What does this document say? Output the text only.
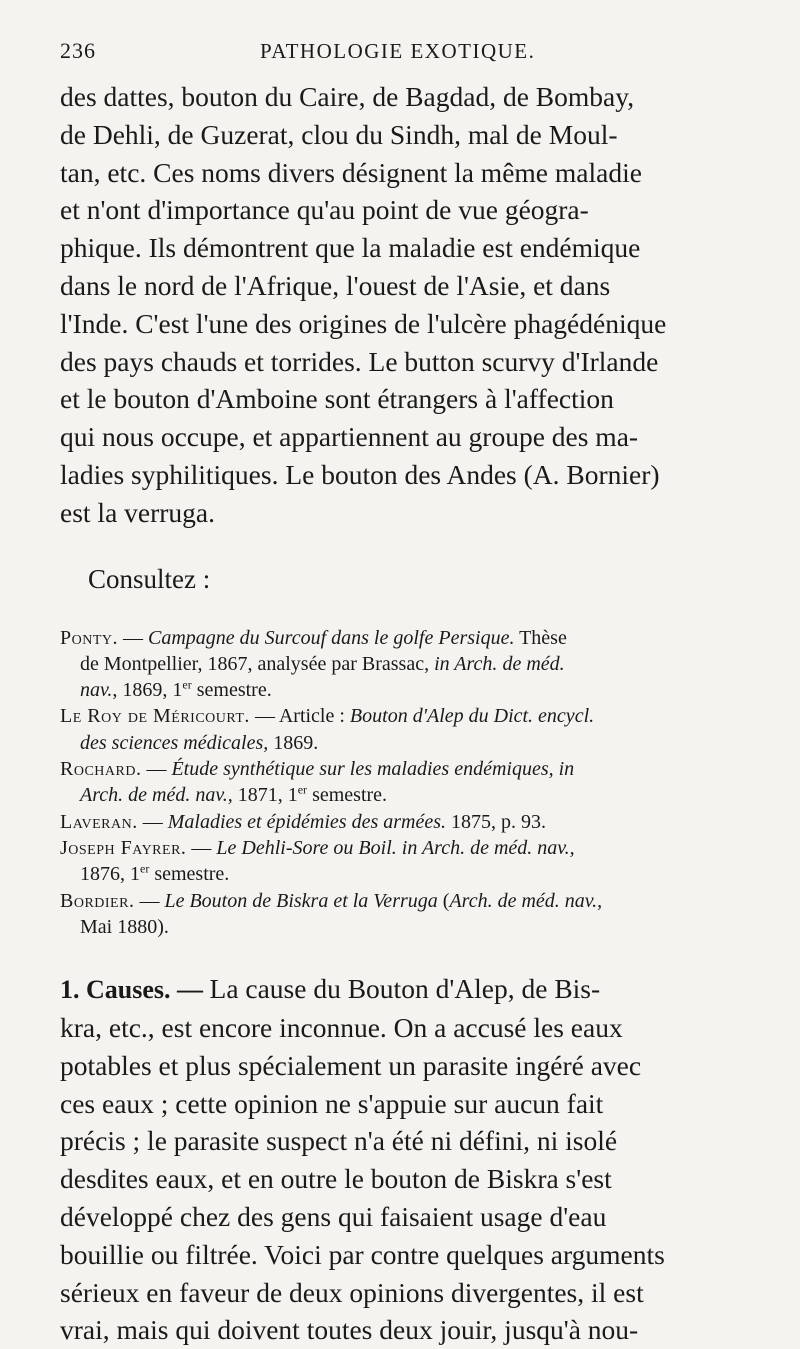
236	PATHOLOGIE EXOTIQUE.

des dattes, bouton du Caire, de Bagdad, de Bombay,
de Dehli, de Guzerat, clou du Sindh, mal de Moul-
tan, etc. Ces noms divers désignent la même maladie
et n'ont d'importance qu'au point de vue géogra-
phique. Ils démontrent que la maladie est endémique
dans le nord de l'Afrique, l'ouest de l'Asie, et dans
l'Inde. C'est l'une des origines de l'ulcère phagédénique
des pays chauds et torrides. Le button scurvy d'Irlande
et le bouton d'Amboine sont étrangers à l'affection
qui nous occupe, et appartiennent au groupe des ma-
ladies syphilitiques. Le bouton des Andes (A. Bornier)
est la verruga.

Consultez :
Ponty. — Campagne du Surcouf dans le golfe Persique. Thèse
de Montpellier, 1867, analysée par Brassac, in Arch. de méd.
nav., 1869, 1er semestre.
Le Roy de Méricourt. — Article : Bouton d'Alep du Dict. encycl.
des sciences médicales, 1869.
Rochard. — Étude synthétique sur les maladies endémiques, in
Arch. de méd. nav., 1871, 1er semestre.
Laveran. — Maladies et épidémies des armées. 1875, p. 93.
Joseph Fayrer. — Le Dehli-Sore ou Boil. in Arch. de méd. nav.,
1876, 1er semestre.
Bordier. — Le Bouton de Biskra et la Verruga (Arch. de méd. nav.,
Mai 1880).

1. Causes. — La cause du Bouton d'Alep, de Bis-
kra, etc., est encore inconnue. On a accusé les eaux
potables et plus spécialement un parasite ingéré avec
ces eaux ; cette opinion ne s'appuie sur aucun fait
précis ; le parasite suspect n'a été ni défini, ni isolé
desdites eaux, et en outre le bouton de Biskra s'est
développé chez des gens qui faisaient usage d'eau
bouillie ou filtrée. Voici par contre quelques arguments
sérieux en faveur de deux opinions divergentes, il est
vrai, mais qui doivent toutes deux jouir, jusqu'à nou-
